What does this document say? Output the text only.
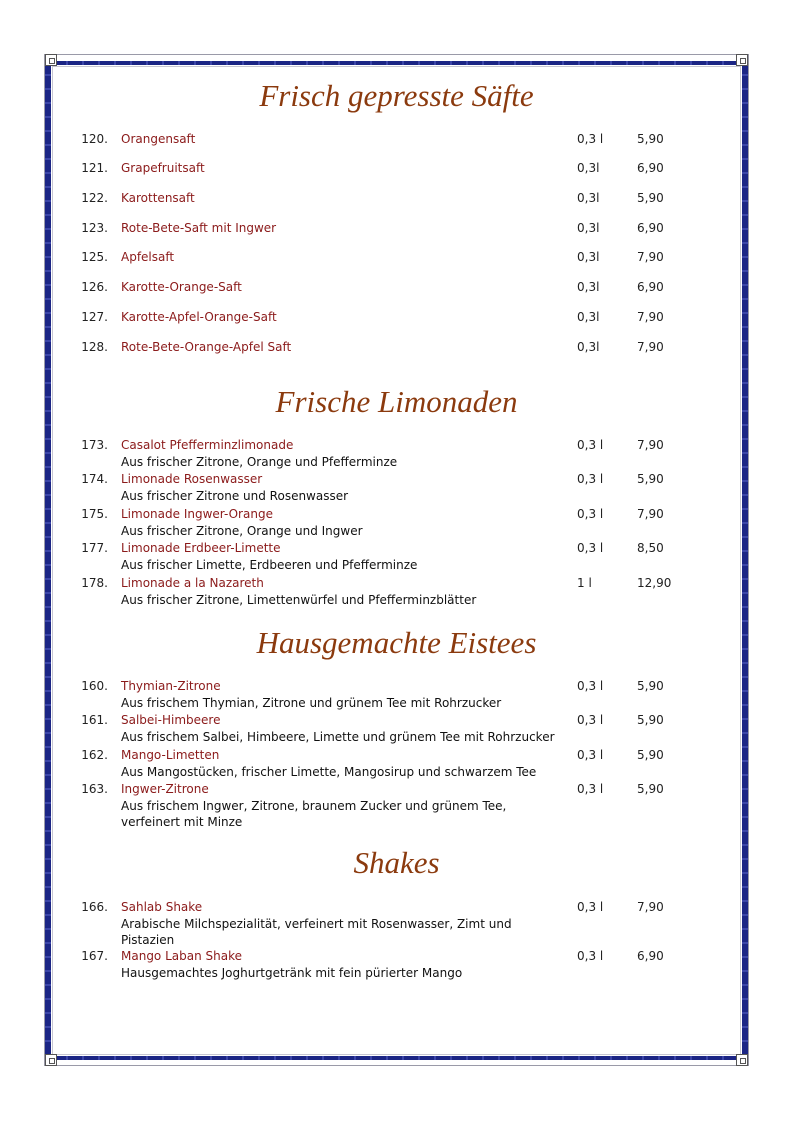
Frisch gepresste Säfte
120. Orangensaft	0,3 l	5,90
121. Grapefruitsaft	0,3l	6,90
122. Karottensaft	0,3l	5,90
123. Rote-Bete-Saft mit Ingwer	0,3l	6,90
125. Apfelsaft	0,3l	7,90
126. Karotte-Orange-Saft	0,3l	6,90
127. Karotte-Apfel-Orange-Saft	0,3l	7,90
128. Rote-Bete-Orange-Apfel Saft	0,3l	7,90
Frische Limonaden
173. Casalot Pfefferminzlimonade	0,3 l	7,90
Aus frischer Zitrone, Orange und Pfefferminze
174. Limonade Rosenwasser	0,3 l	5,90
Aus frischer Zitrone und Rosenwasser
175. Limonade Ingwer-Orange	0,3 l	7,90
Aus frischer Zitrone, Orange und Ingwer
177. Limonade Erdbeer-Limette	0,3 l	8,50
Aus frischer Limette, Erdbeeren und Pfefferminze
178. Limonade a la Nazareth	1 l	12,90
Aus frischer Zitrone, Limettenwürfel und Pfefferminzblätter
Hausgemachte Eistees
160. Thymian-Zitrone	0,3 l	5,90
Aus frischem Thymian, Zitrone und grünem Tee mit Rohrzucker
161. Salbei-Himbeere	0,3 l	5,90
Aus frischem Salbei, Himbeere, Limette und grünem Tee mit Rohrzucker
162. Mango-Limetten	0,3 l	5,90
Aus Mangostücken, frischer Limette, Mangosirup und schwarzem Tee
163. Ingwer-Zitrone	0,3 l	5,90
Aus frischem Ingwer, Zitrone, braunem Zucker und grünem Tee, verfeinert mit Minze
Shakes
166. Sahlab Shake	0,3 l	7,90
Arabische Milchspezialität, verfeinert mit Rosenwasser, Zimt und Pistazien
167. Mango Laban Shake	0,3 l	6,90
Hausgemachtes Joghurtgetränk mit fein pürierter Mango
